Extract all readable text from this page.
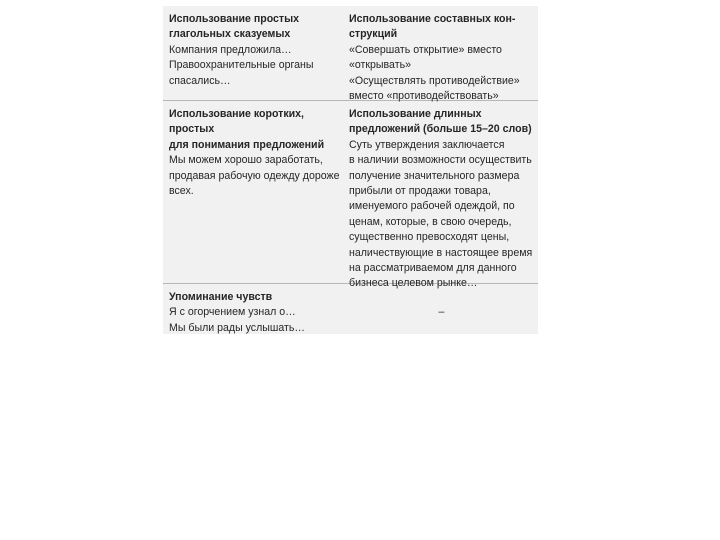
Использование простых
глагольных сказуемых
Компания предложила…
Правоохранительные органы
спасались…
Использование составных кон-
струкций
«Совершать открытие» вместо
«открывать»
«Осуществлять противодействие»
вместо «противодействовать»
Использование коротких, простых
для понимания предложений
Мы можем хорошо заработать,
продавая рабочую одежду дороже
всех.
Использование длинных
предложений (больше 15–20 слов)
Суть утверждения заключается
в наличии возможности осуществить
получение значительного размера
прибыли от продажи товара,
именуемого рабочей одеждой, по
ценам, которые, в свою очередь,
существенно превосходят цены,
наличествующие в настоящее время
на рассматриваемом для данного
бизнеса целевом рынке…
Упоминание чувств
Я с огорчением узнал о…
Мы были рады услышать…
–
